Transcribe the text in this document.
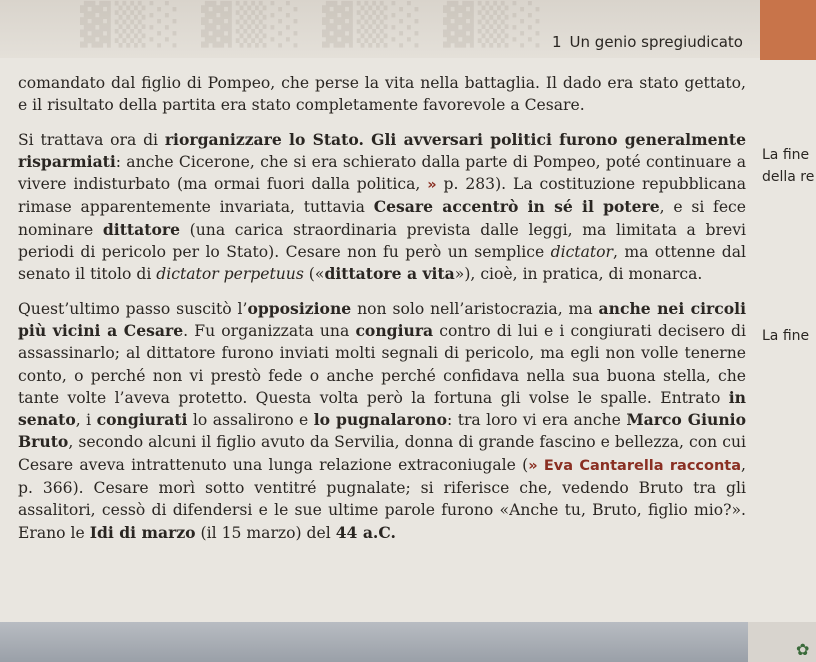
▓▒░ ▓▒░ ▓▒░ ▓▒░ 1 Un genio spregiudicato

comandato dal figlio di Pompeo, che perse la vita nella battaglia. Il dado era stato gettato, e il risultato della partita era stato completamente favorevole a Cesare.

Si trattava ora di riorganizzare lo Stato. Gli avversari politici furono generalmente risparmiati: anche Cicerone, che si era schierato dalla parte di Pompeo, poté continuare a vivere indisturbato (ma ormai fuori dalla politica, » p. 283). La costituzione repubblicana rimase apparentemente invariata, tuttavia Cesare accentrò in sé il potere, e si fece nominare dittatore (una carica straordinaria prevista dalle leggi, ma limitata a brevi periodi di pericolo per lo Stato). Cesare non fu però un semplice dictator, ma ottenne dal senato il titolo di dictator perpetuus («dittatore a vita»), cioè, in pratica, di monarca.

Quest’ultimo passo suscitò l’opposizione non solo nell’aristocrazia, ma anche nei circoli più vicini a Cesare. Fu organizzata una congiura contro di lui e i congiurati decisero di assassinarlo; al dittatore furono inviati molti segnali di pericolo, ma egli non volle tenerne conto, o perché non vi prestò fede o anche perché confidava nella sua buona stella, che tante volte l’aveva protetto. Questa volta però la fortuna gli volse le spalle. Entrato in senato, i congiurati lo assalirono e lo pugnalarono: tra loro vi era anche Marco Giunio Bruto, secondo alcuni il figlio avuto da Servilia, donna di grande fascino e bellezza, con cui Cesare aveva intrattenuto una lunga relazione extraconiugale (» Eva Cantarella racconta, p. 366). Cesare morì sotto ventitré pugnalate; si riferisce che, vedendo Bruto tra gli assalitori, cessò di difendersi e le sue ultime parole furono «Anche tu, Bruto, figlio mio?». Erano le Idi di marzo (il 15 marzo) del 44 a.C.

La fine
della re
La fine
✿
